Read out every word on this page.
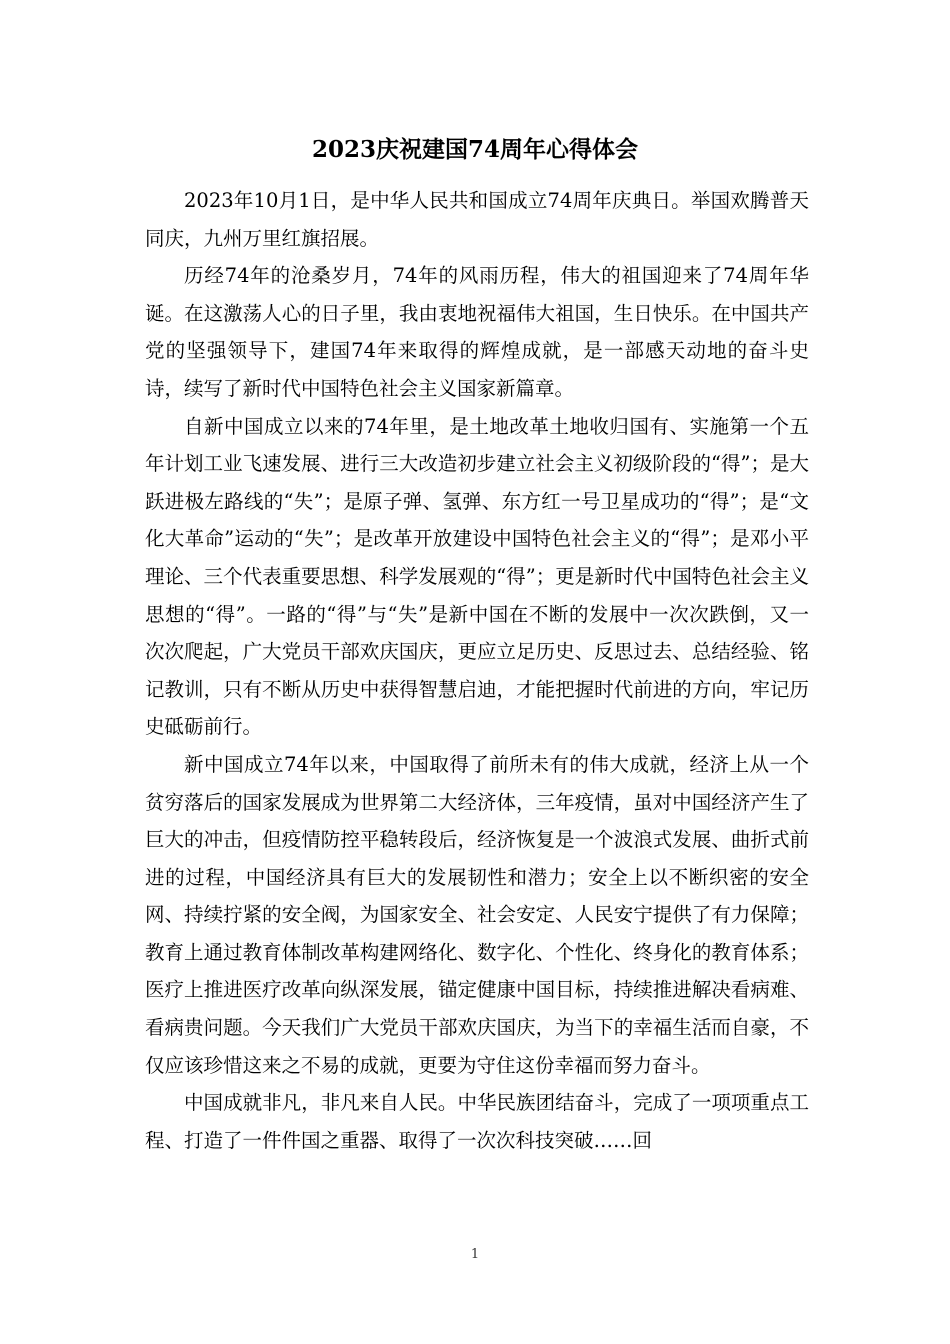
2023庆祝建国74周年心得体会

2023年10月1日，是中华人民共和国成立74周年庆典日。举国欢腾普天同庆，九州万里红旗招展。

历经74年的沧桑岁月，74年的风雨历程，伟大的祖国迎来了74周年华诞。在这激荡人心的日子里，我由衷地祝福伟大祖国，生日快乐。在中国共产党的坚强领导下，建国74年来取得的辉煌成就，是一部感天动地的奋斗史诗，续写了新时代中国特色社会主义国家新篇章。

自新中国成立以来的74年里，是土地改革土地收归国有、实施第一个五年计划工业飞速发展、进行三大改造初步建立社会主义初级阶段的“得”；是大跃进极左路线的“失”；是原子弹、氢弹、东方红一号卫星成功的“得”；是“文化大革命”运动的“失”；是改革开放建设中国特色社会主义的“得”；是邓小平理论、三个代表重要思想、科学发展观的“得”；更是新时代中国特色社会主义思想的“得”。一路的“得”与“失”是新中国在不断的发展中一次次跌倒，又一次次爬起，广大党员干部欢庆国庆，更应立足历史、反思过去、总结经验、铭记教训，只有不断从历史中获得智慧启迪，才能把握时代前进的方向，牢记历史砥砺前行。

新中国成立74年以来，中国取得了前所未有的伟大成就，经济上从一个贫穷落后的国家发展成为世界第二大经济体，三年疫情，虽对中国经济产生了巨大的冲击，但疫情防控平稳转段后，经济恢复是一个波浪式发展、曲折式前进的过程，中国经济具有巨大的发展韧性和潜力；安全上以不断织密的安全网、持续拧紧的安全阀，为国家安全、社会安定、人民安宁提供了有力保障；教育上通过教育体制改革构建网络化、数字化、个性化、终身化的教育体系；医疗上推进医疗改革向纵深发展，锚定健康中国目标，持续推进解决看病难、看病贵问题。今天我们广大党员干部欢庆国庆，为当下的幸福生活而自豪，不仅应该珍惜这来之不易的成就，更要为守住这份幸福而努力奋斗。

中国成就非凡，非凡来自人民。中华民族团结奋斗，完成了一项项重点工程、打造了一件件国之重器、取得了一次次科技突破……回

1
